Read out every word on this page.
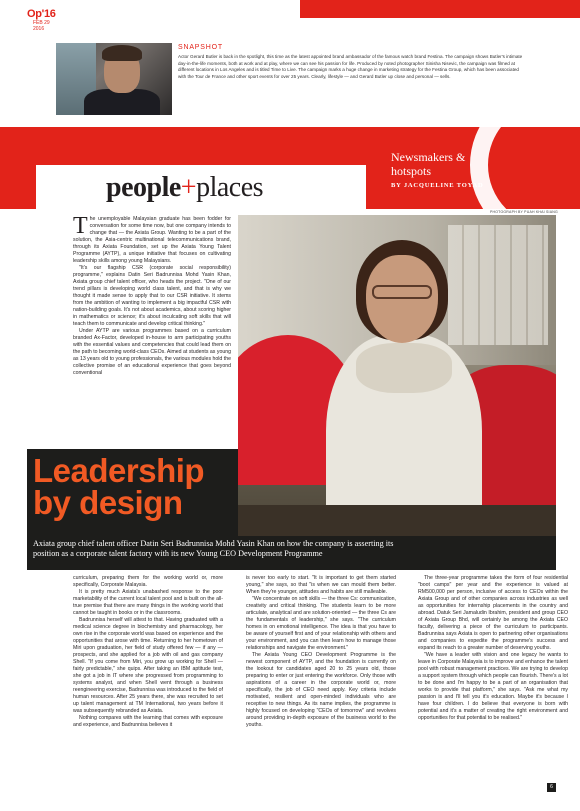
Op'16
FEB 29
2016
SNAPSHOT
Actor Gerard Butler is back in the spotlight, this time as the latest appointed brand ambassador of the famous watch brand Festina. The campaign shows Butler's intimate day-in-the-life moments, both at work and at play, where we can see his passion for life. Produced by noted photographer Sinisha Nisevic, the campaign was filmed at different locations in Los Angeles and is titled Time to Live. The campaign marks a huge change in marketing strategy for the Festina Group, which has been associated with the Tour de France and other sport events for over 25 years. Clearly, lifestyle — and Gerard Butler up close and personal — sells.
people+places
Newsmakers &
hotspots
BY JACQUELINE TOYAD
PHOTOGRAPH BY PUAH KHAI SIANG
T he unemployable Malaysian graduate has been fodder for conversation for some time now, but one company intends to change that — the Axiata Group. Wanting to be a part of the solution, the Asia-centric multinational telecommunications brand, through its Axiata Foundation, set up the Axiata Young Talent Programme (AYTP), a unique initiative that focuses on cultivating leadership skills among young Malaysians.

"It's our flagship CSR (corporate social responsibility) programme," explains Datin Seri Badrunnisa Mohd Yasin Khan, Axiata group chief talent officer, who heads the project. "One of our trend pillars is developing world class talent, and that is why we thought it made sense to apply that to our CSR initiative. It stems from the ambition of wanting to implement a big impactful CSR with nation-building goals. It's not about academics, about scoring higher in mathematics or science; it's about inculcating soft skills that will teach them to communicate and develop critical thinking."

Under AYTP are various programmes based on a curriculum branded Ax-Factor, developed in-house to arm participating youths with the essential values and competencies that could lead them on the path to becoming world-class CEOs. Aimed at students as young as 13 years old to young professionals, the various modules hold the collective promise of an educational experience that goes beyond conventional

Leadership
by design
Axiata group chief talent officer Datin Seri Badrunnisa Mohd Yasin Khan on how the company is asserting its position as a corporate talent factory with its new Young CEO Development Programme

curriculum, preparing them for the working world or, more specifically, Corporate Malaysia.

It is pretty much Axiata's unabashed response to the poor marketability of the current local talent pool and is built on the all-true premise that there are many things in the working world that cannot be taught in books or in the classrooms.

Badrunnisa herself will attest to that. Having graduated with a medical science degree in biochemistry and pharmacology, her own rise in the corporate world was based on experience and the opportunities that arose with time. Returning to her hometown of Miri upon graduation, her field of study offered few — if any — prospects, and she applied for a job with oil and gas company Shell. "If you come from Miri, you grow up working for Shell — fairly predictable," she quips. After taking an IBM aptitude test, she got a job in IT where she progressed from programming to systems analyst, and when Shell went through a business reengineering exercise, Badrunnisa was introduced to the field of human resources. After 25 years there, she was recruited to set up talent management at TM International, two years before it was subsequently rebranded as Axiata.

Nothing compares with the learning that comes with exposure and experience, and Badrunnisa believes it

is never too early to start. "It is important to get them started young," she says, so that "is when we can mould them better. When they're younger, attitudes and habits are still malleable.

"We concentrate on soft skills — the three Cs: communication, creativity and critical thinking. The students learn to be more articulate, analytical and are solution-oriented — the three Cs are the fundamentals of leadership," she says. "The curriculum homes in on emotional intelligence. The idea is that you have to be aware of yourself first and of your relationship with others and your environment, and you can then learn how to manage those relationships and navigate the environment."

The Axiata Young CEO Development Programme is the newest component of AYTP, and the foundation is currently on the lookout for candidates aged 20 to 25 years old, those preparing to enter or just entering the workforce. Only those with aspirations of a career in the corporate world or, more specifically, the job of CEO need apply. Key criteria include motivated, resilient and open-minded individuals who are receptive to new things. As its name implies, the programme is highly focused on developing "CEOs of tomorrow" and revolves around providing in-depth exposure of the business world to the youths.

The three-year programme takes the form of four residential "boot camps" per year and the experience is valued at RM500,000 per person, inclusive of access to CEOs within the Axiata Group and of other companies across industries as well as opportunities for internship placements in the country and abroad. Datuk Seri Jamaludin Ibrahim, president and group CEO of Axiata Group Bhd, will certainly be among the Axiata CEO faculty, delivering a piece of the curriculum to participants. Badrunnisa says Axiata is open to partnering other organisations and companies to expedite the programme's success and expand its reach to a greater number of deserving youths.

"We have a leader with vision and one legacy he wants to leave in Corporate Malaysia is to improve and enhance the talent pool with robust management practices. We are trying to develop a support system through which people can flourish. There's a lot to be done and I'm happy to be a part of an organisation that works to provide that platform," she says. "Ask me what my passion is and I'll tell you it's education. Maybe it's because I have four children. I do believe that everyone is born with potential and it's a matter of creating the right environment and opportunities for that potential to be realised."

6
